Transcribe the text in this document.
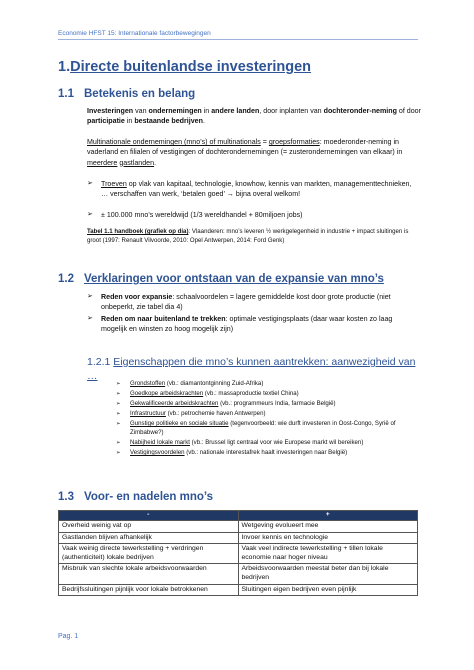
Economie HFST 15: Internationale factorbewegingen
1.Directe buitenlandse investeringen
1.1 Betekenis en belang
Investeringen van ondernemingen in andere landen, door inplanten van dochteronder-neming of door participatie in bestaande bedrijven.
Multinationale ondernemingen (mno’s) of multinationals = groepsformaties: moederonder-neming in vaderland en filialen of vestigingen of dochterondernemingen (= zusterondernemingen van elkaar) in meerdere gastlanden.
➢ Troeven op vlak van kapitaal, technologie, knowhow, kennis van markten, managementtechnieken, … verschaffen van werk, ‘betalen goed’ → bijna overal welkom!
➢ ± 100.000 mno’s wereldwijd (1/3 wereldhandel + 80miljoen jobs)
Tabel 1.1 handboek (grafiek op dia): Vlaanderen: mno’s leveren ½ werkgelegenheid in industrie + impact sluitingen is groot (1997: Renault Vilvoorde, 2010: Opel Antwerpen, 2014: Ford Genk)
1.2 Verklaringen voor ontstaan van de expansie van mno’s
➢ Reden voor expansie: schaalvoordelen = lagere gemiddelde kost door grote productie (niet onbeperkt, zie tabel dia 4)
➢ Reden om naar buitenland te trekken: optimale vestigingsplaats (daar waar kosten zo laag mogelijk en winsten zo hoog mogelijk zijn)
1.2.1 Eigenschappen die mno’s kunnen aantrekken: aanwezigheid van …
➢ Grondstoffen (vb.: diamantontginning Zuid-Afrika)
➢ Goedkope arbeidskrachten (vb.: massaproductie textiel China)
➢ Gekwalificeerde arbeidskrachten (vb.: programmeurs India, farmacie België)
➢ Infrastructuur (vb.: petrochemie haven Antwerpen)
➢ Gunstige politieke en sociale situatie (tegenvoorbeeld: wie durft investeren in Oost-Congo, Syrië of Zimbabwe?)
➢ Nabijheid lokale markt (vb.: Brussel ligt centraal voor wie Europese markt wil bereiken)
➢ Vestigingsvoordelen (vb.: nationale interestafrek haalt investeringen naar België)
1.3 Voor- en nadelen mno’s
-	+
Overheid weinig vat op	Wetgeving evolueert mee
Gastlanden blijven afhankelijk	Invoer kennis en technologie
Vaak weinig directe tewerkstelling + verdringen (authenticiteit) lokale bedrijven	Vaak veel indirecte tewerkstelling + tillen lokale economie naar hoger niveau
Misbruik van slechte lokale arbeidsvoorwaarden	Arbeidsvoorwaarden meestal beter dan bij lokale bedrijven
Bedrijfssluitingen pijnlijk voor lokale betrokkenen	Sluitingen eigen bedrijven even pijnlijk
Pag. 1
